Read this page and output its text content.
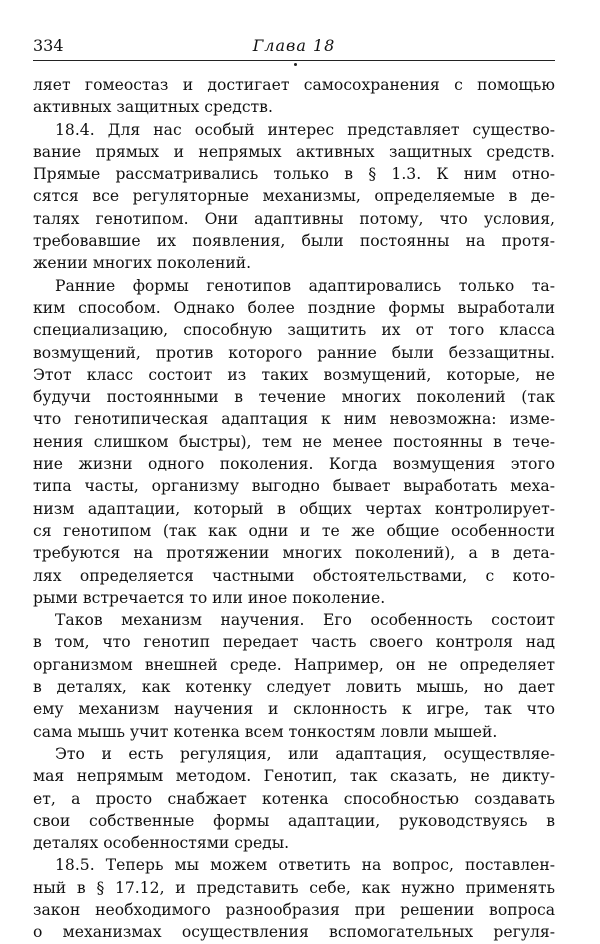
334	Глава 18
ляет гомеостаз и достигает самосохранения с помощью
активных защитных средств.
18.4. Для нас особый интерес представляет существо-
вание прямых и непрямых активных защитных средств.
Прямые рассматривались только в § 1.3. К ним отно-
сятся все регуляторные механизмы, определяемые в де-
талях генотипом. Они адаптивны потому, что условия,
требовавшие их появления, были постоянны на протя-
жении многих поколений.
Ранние формы генотипов адаптировались только та-
ким способом. Однако более поздние формы выработали
специализацию, способную защитить их от того класса
возмущений, против которого ранние были беззащитны.
Этот класс состоит из таких возмущений, которые, не
будучи постоянными в течение многих поколений (так
что генотипическая адаптация к ним невозможна: изме-
нения слишком быстры), тем не менее постоянны в тече-
ние жизни одного поколения. Когда возмущения этого
типа часты, организму выгодно бывает выработать меха-
низм адаптации, который в общих чертах контролирует-
ся генотипом (так как одни и те же общие особенности
требуются на протяжении многих поколений), а в дета-
лях определяется частными обстоятельствами, с кото-
рыми встречается то или иное поколение.
Таков механизм научения. Его особенность состоит
в том, что генотип передает часть своего контроля над
организмом внешней среде. Например, он не определяет
в деталях, как котенку следует ловить мышь, но дает
ему механизм научения и склонность к игре, так что
сама мышь учит котенка всем тонкостям ловли мышей.
Это и есть регуляция, или адаптация, осуществляе-
мая непрямым методом. Генотип, так сказать, не дикту-
ет, а просто снабжает котенка способностью создавать
свои собственные формы адаптации, руководствуясь в
деталях особенностями среды.
18.5. Теперь мы можем ответить на вопрос, поставлен-
ный в § 17.12, и представить себе, как нужно применять
закон необходимого разнообразия при решении вопроса
о механизмах осуществления вспомогательных регуля-
